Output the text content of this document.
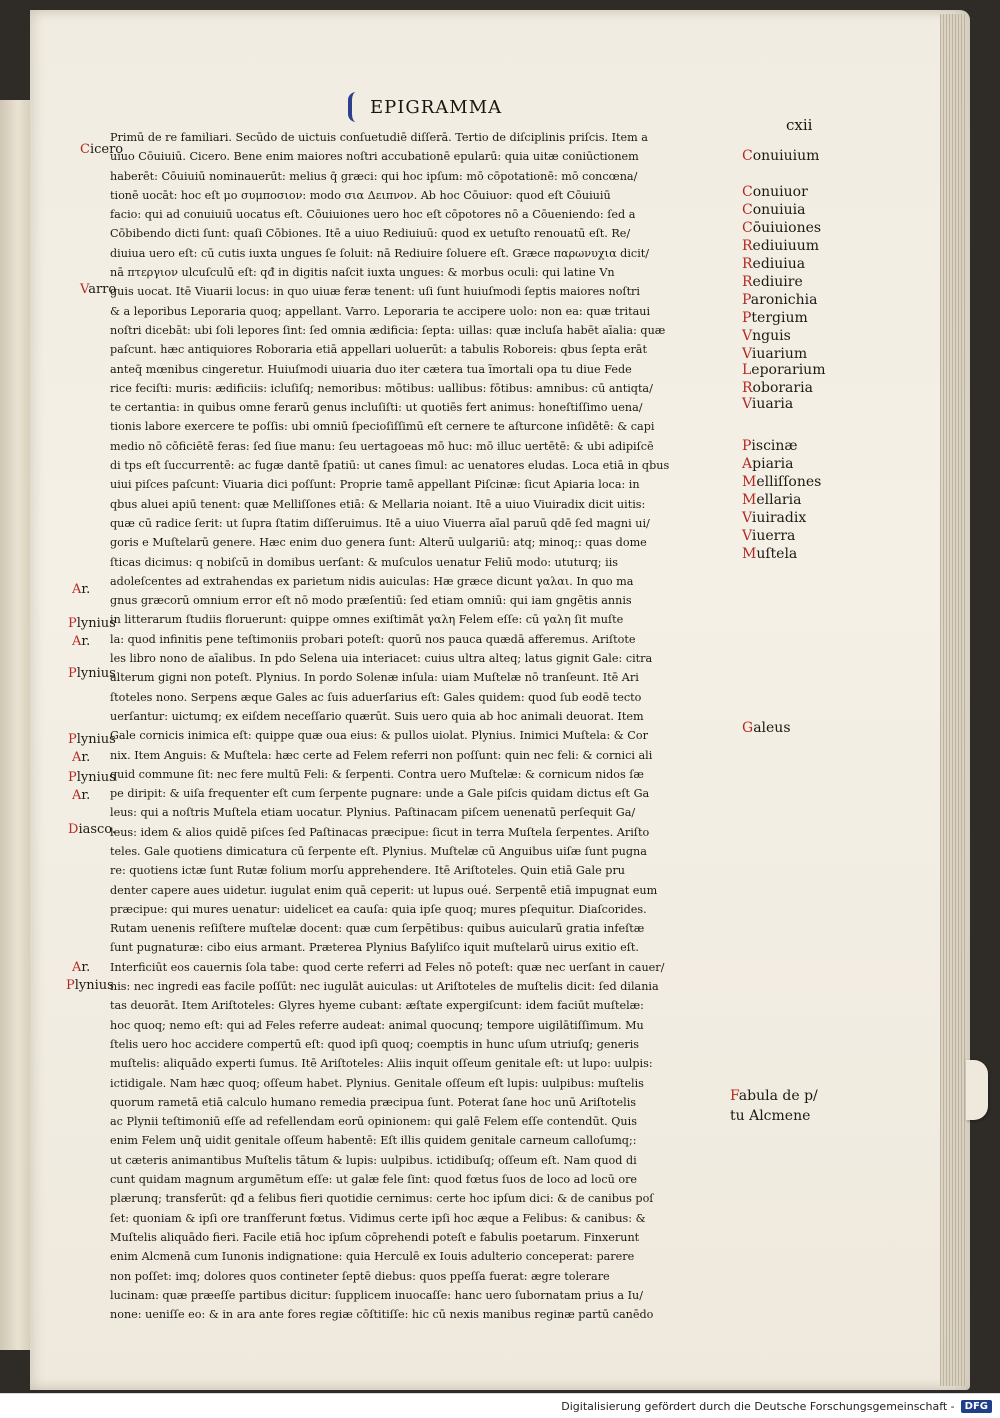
EPIGRAMMA
cxii
Primū de re familiari. Secūdo de uictuis conſuetudiē diſſerā. Tertio de diſciplinis priſcis. Item a
uiuo Cōuiuiū. Cicero. Bene enim maiores noſtri accubationē epularū: quia uitæ coniūctionem
haberēt: Cōuiuiū nominauerūt: melius q̄ græci: qui hoc ipſum: mō cōpotationē: mō concœna/
tionē uocāt: hoc eſt μο συμποσιον: modo σια Δειπνον. Ab hoc Cōuiuor: quod eſt Cōuiuiū
facio: qui ad conuiuiū uocatus eſt. Cōuiuiones uero hoc eſt cōpotores nō a Cōueniendo: ſed a
Cōbibendo dicti ſunt: quaſi Cōbiones. Itē a uiuo Rediuiuū: quod ex uetuſto renouatū eſt. Re/
diuiua uero eſt: cū cutis iuxta ungues ſe ſoluit: nā Rediuire ſoluere eſt. Græce παρωνυχια dicit/
nā πτεργιον ulcuſculū eſt: qđ in digitis naſcit iuxta ungues: & morbus oculi: qui latine Vn
guis uocat. Itē Viuarii locus: in quo uiuæ feræ tenent: uſi ſunt huiuſmodi ſeptis maiores noſtri
& a leporibus Leporaria quoq; appellant. Varro. Leporaria te accipere uolo: non ea: quæ tritaui
noſtri dicebāt: ubi ſoli lepores ſint: ſed omnia ædificia: ſepta: uillas: quæ incluſa habēt aīalia: quæ
paſcunt. hæc antiquiores Roboraria etiā appellari uoluerūt: a tabulis Roboreis: qbus ſepta erāt
anteq̄ mœnibus cingeretur. Huiuſmodi uiuaria duo iter cætera tua īmortali opa tu diue Fede
rice feciſti: muris: ædificiis: icluſiſq; nemoribus: mōtibus: uallibus: fōtibus: amnibus: cū antiqta/
te certantia: in quibus omne ferarū genus incluſiſti: ut quotiēs fert animus: honeſtiſſimo uena/
tionis labore exercere te poſſis: ubi omniū ſpecioſiſſimū eſt cernere te aſturcone inſidētē: & capi
medio nō cōficiētē feras: ſed ſiue manu: ſeu uertagoeas mō huc: mō illuc uertētē: & ubi adipiſcē
di tps eſt ſuccurrentē: ac fugæ dantē ſpatiū: ut canes ſimul: ac uenatores eludas. Loca etiā in qbus
uiui piſces paſcunt: Viuaria dici poſſunt: Proprie tamē appellant Piſcinæ: ſicut Apiaria loca: in
qbus aluei apiū tenent: quæ Melliſſones etiā: & Mellaria noiant. Itē a uiuo Viuiradix dicit uitis:
quæ cū radice ſerit: ut ſupra ſtatim diſſeruimus. Itē a uiuo Viuerra aīal paruū qdē ſed magni ui/
goris e Muſtelarū genere. Hæc enim duo genera ſunt: Alterū uulgariū: atq; minoq;: quas dome
ſticas dicimus: q nobiſcū in domibus uerſant: & muſculos uenatur Feliū modo: ututurq; iis
adoleſcentes ad extrahendas ex parietum nidis auiculas: Hæ græce dicunt γαλαι. In quo ma
gnus græcorū omnium error eſt nō modo præſentiū: ſed etiam omniū: qui iam gngētis annis
in litterarum ſtudiis floruerunt: quippe omnes exiſtimāt γαλη Felem eſſe: cū γαλη ſit muſte
la: quod infinitis pene teſtimoniis probari poteſt: quorū nos pauca quædā afferemus. Ariſtote
les libro nono de aīalibus. In pdo Selena uia interiacet: cuius ultra alteq; latus gignit Gale: citra
alterum gigni non poteſt. Plynius. In pordo Solenæ inſula: uiam Muſtelæ nō tranſeunt. Itē Ari
ſtoteles nono. Serpens æque Gales ac ſuis aduerſarius eſt: Gales quidem: quod ſub eodē tecto
uerſantur: uictumq; ex eiſdem neceſſario quærūt. Suis uero quia ab hoc animali deuorat. Item
Gale cornicis inimica eſt: quippe quæ oua eius: & pullos uiolat. Plynius. Inimici Muſtela: & Cor
nix. Item Anguis: & Muſtela: hæc certe ad Felem referri non poſſunt: quin nec feli: & cornici ali
quid commune ſit: nec fere multū Feli: & ſerpenti. Contra uero Muſtelæ: & cornicum nidos ſæ
pe diripit: & uiſa frequenter eſt cum ſerpente pugnare: unde a Gale piſcis quidam dictus eſt Ga
leus: qui a noſtris Muſtela etiam uocatur. Plynius. Paſtinacam piſcem uenenatū perſequit Ga/
leus: idem & alios quidē piſces ſed Paſtinacas præcipue: ſicut in terra Muſtela ſerpentes. Ariſto
teles. Gale quotiens dimicatura cū ſerpente eſt. Plynius. Muſtelæ cū Anguibus uiſæ ſunt pugna
re: quotiens ictæ ſunt Rutæ folium morſu apprehendere. Itē Ariſtoteles. Quin etiā Gale pru
denter capere aues uidetur. iugulat enim quā ceperit: ut lupus oué. Serpentē etiā impugnat eum
præcipue: qui mures uenatur: uidelicet ea cauſa: quia ipſe quoq; mures pſequitur. Diaſcorides.
Rutam uenenis reſiſtere muſtelæ docent: quæ cum ſerpētibus: quibus auicularū gratia infeſtæ
ſunt pugnaturæ: cibo eius armant. Præterea Plynius Baſyliſco iquit muſtelarū uirus exitio eſt.
Interficiūt eos cauernis ſola tabe: quod certe referri ad Feles nō poteſt: quæ nec uerſant in cauer/
nis: nec ingredi eas facile poſſūt: nec iugulāt auiculas: ut Ariſtoteles de muſtelis dicit: ſed dilania
tas deuorāt. Item Ariſtoteles: Glyres hyeme cubant: æſtate expergiſcunt: idem faciūt muſtelæ:
hoc quoq; nemo eſt: qui ad Feles referre audeat: animal quocunq; tempore uigilātiſſimum. Mu
ſtelis uero hoc accidere compertū eſt: quod ipſi quoq; coemptis in hunc uſum utriuſq; generis
muſtelis: aliquādo experti ſumus. Itē Ariſtoteles: Aliis inquit oſſeum genitale eſt: ut lupo: uulpis:
ictidigale. Nam hæc quoq; oſſeum habet. Plynius. Genitale oſſeum eſt lupis: uulpibus: muſtelis
quorum rametā etiā calculo humano remedia præcipua ſunt. Poterat ſane hoc unū Ariſtotelis
ac Plynii teſtimoniū eſſe ad refellendam eorū opinionem: qui galē Felem eſſe contendūt. Quis
enim Felem unq̄ uidit genitale oſſeum habentē: Eſt illis quidem genitale carneum calloſumq;:
ut cæteris animantibus Muſtelis tātum & lupis: uulpibus. ictidibuſq; oſſeum eſt. Nam quod di
cunt quidam magnum argumētum eſſe: ut galæ fele ſint: quod fœtus ſuos de loco ad locū ore
plærunq; transferūt: qđ a felibus fieri quotidie cernimus: certe hoc ipſum dici: & de canibus poſ
ſet: quoniam & ipſi ore tranſferunt fœtus. Vidimus certe ipſi hoc æque a Felibus: & canibus: &
Muſtelis aliquādo fieri. Facile etiā hoc ipſum cōprehendi poteſt e fabulis poetarum. Finxerunt
enim Alcmenā cum Iunonis indignatione: quia Herculē ex Iouis adulterio conceperat: parere
non poſſet: imq; dolores quos contineter ſeptē diebus: quos ppeſſa fuerat: ægre tolerare
lucinam: quæ præeſſe partibus dicitur: ſupplicem inuocaſſe: hanc uero ſubornatam prius a Iu/
none: ueniſſe eo: & in ara ante fores regiæ cōſtitiſſe: hic cū nexis manibus reginæ partū canēdo
Cicero
Varro
Ar.
Plynius
Ar.
Plynius
Plynius
Ar.
Plynius
Ar.
Diasco.
Ar.
Plynius
Conuiuium
Conuiuor
Conuiuia
Cōuiuiones
Rediuiuum
Rediuiua
Rediuire
Paronichia
Ptergium
Vnguis
Viuarium
Leporarium
Roboraria
Viuaria
Piscinæ
Apiaria
Melliſſones
Mellaria
Viuiradix
Viuerra
Muſtela
Galeus
Fabula de p/
tu Alcmene
Digitalisierung gefördert durch die Deutsche Forschungsgemeinschaft -	DFG
